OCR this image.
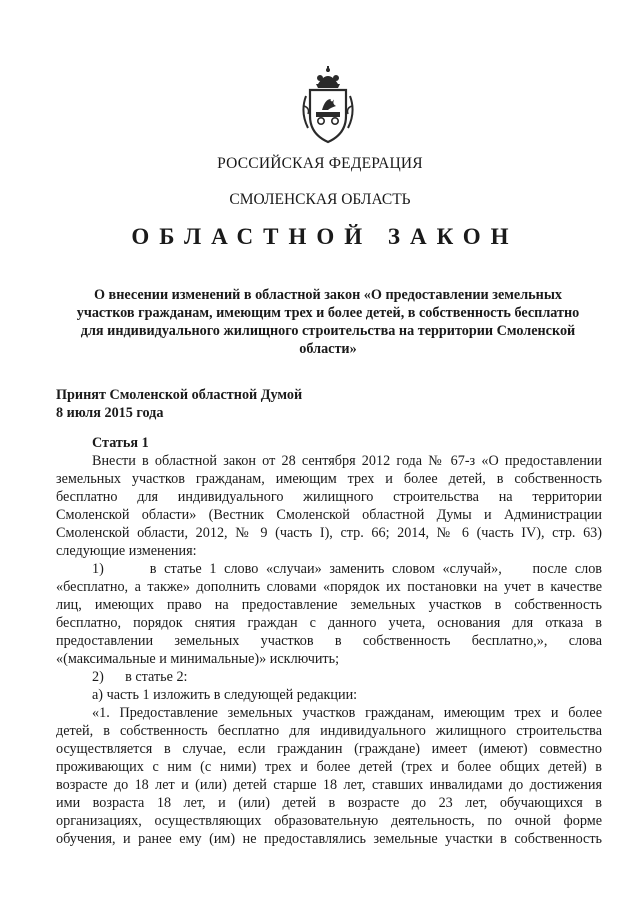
РОССИЙСКАЯ ФЕДЕРАЦИЯ
СМОЛЕНСКАЯ ОБЛАСТЬ
ОБЛАСТНОЙ ЗАКОН
О внесении изменений в областной закон «О предоставлении земельных
участков гражданам, имеющим трех и более детей, в собственность бесплатно
для индивидуального жилищного строительства на территории Смоленской
области»
Принят Смоленской областной Думой
8 июля 2015 года
Статья 1
Внести в областной закон от 28 сентября 2012 года № 67-з «О предоставлении
земельных участков гражданам, имеющим трех и более детей, в собственность
бесплатно для индивидуального жилищного строительства на территории
Смоленской области» (Вестник Смоленской областной Думы и Администрации
Смоленской области, 2012, № 9 (часть I), стр. 66; 2014, № 6 (часть IV), стр. 63)
следующие изменения:
1)      в статье 1 слово «случаи» заменить словом «случай»,    после слов
«бесплатно, а также» дополнить словами «порядок их постановки на учет в качестве
лиц, имеющих право на предоставление земельных участков в собственность
бесплатно, порядок снятия граждан с данного учета, основания для отказа в
предоставлении земельных участков в собственность бесплатно,», слова
«(максимальные и минимальные)» исключить;
2)      в статье 2:
а) часть 1 изложить в следующей редакции:
«1. Предоставление земельных участков гражданам, имеющим трех и более
детей, в собственность бесплатно для индивидуального жилищного строительства
осуществляется в случае, если гражданин (граждане) имеет (имеют) совместно
проживающих с ним (с ними) трех и более детей (трех и более общих детей) в
возрасте до 18 лет и (или) детей старше 18 лет, ставших инвалидами до достижения
ими возраста 18 лет, и (или) детей в возрасте до 23 лет, обучающихся в
организациях, осуществляющих образовательную деятельность, по очной форме
обучения, и ранее ему (им) не предоставлялись земельные участки в собственность
